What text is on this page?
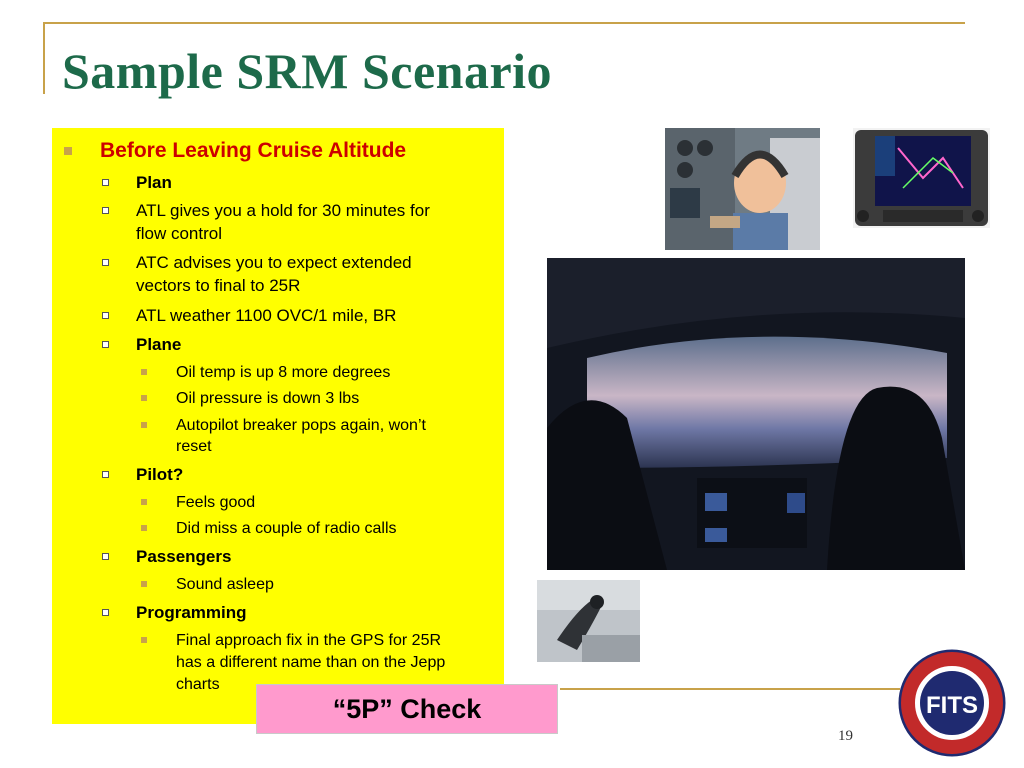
Sample SRM Scenario
Before Leaving Cruise Altitude
Plan
ATL gives you a hold for 30 minutes for
flow control
ATC advises you to expect extended
vectors to final to 25R
ATL weather 1100 OVC/1 mile, BR
Plane
Oil temp is up 8 more degrees
Oil pressure is down 3 lbs
Autopilot breaker pops again, won’t
reset
Pilot?
Feels good
Did miss a couple of radio calls
Passengers
Sound asleep
Programming
Final approach fix in the GPS for 25R
has a different name than on the Jepp
charts
“5P” Check	FITS
19
